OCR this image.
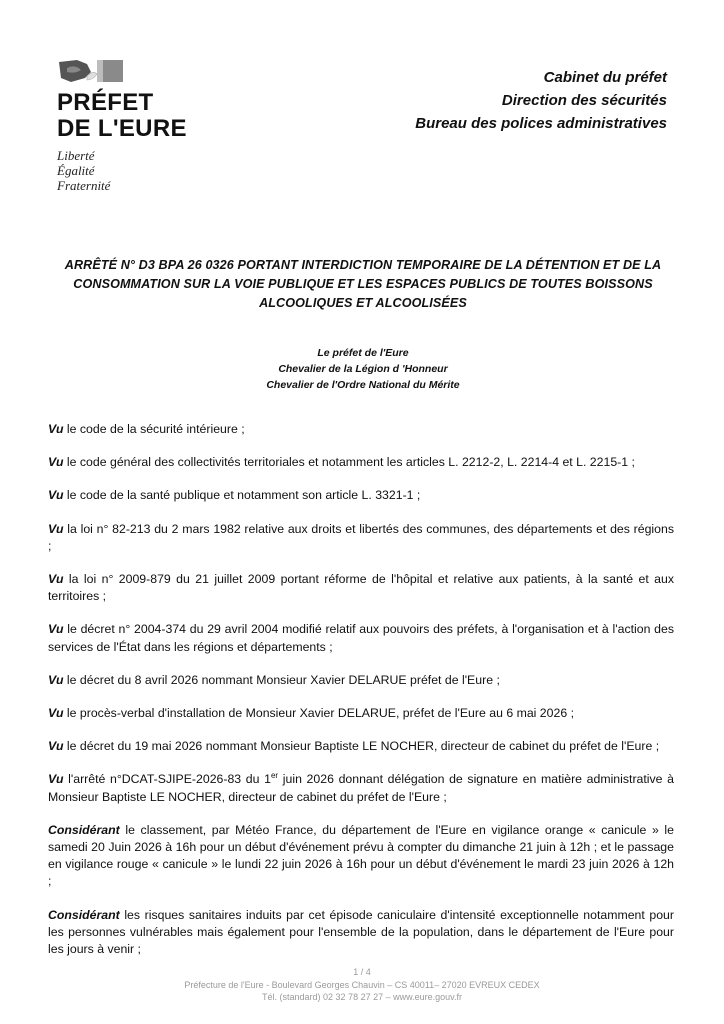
PRÉFET
DE L'EURE
Liberté
Égalité
Fraternité
Cabinet du préfet
Direction des sécurités
Bureau des polices administratives
ARRÊTÉ N° D3 BPA 26 0326 PORTANT INTERDICTION TEMPORAIRE DE LA DÉTENTION ET DE LA CONSOMMATION SUR LA VOIE PUBLIQUE ET LES ESPACES PUBLICS DE TOUTES BOISSONS ALCOOLIQUES ET ALCOOLISÉES
Le préfet de l'Eure
Chevalier de la Légion d 'Honneur
Chevalier de l'Ordre National du Mérite

Vu le code de la sécurité intérieure ;

Vu le code général des collectivités territoriales et notamment les articles L. 2212-2, L. 2214-4 et L. 2215-1 ;

Vu le code de la santé publique et notamment son article L. 3321-1 ;

Vu la loi n° 82-213 du 2 mars 1982 relative aux droits et libertés des communes, des départements et des régions ;

Vu la loi n° 2009-879 du 21 juillet 2009 portant réforme de l'hôpital et relative aux patients, à la santé et aux territoires ;

Vu le décret n° 2004-374 du 29 avril 2004 modifié relatif aux pouvoirs des préfets, à l'organisation et à l'action des services de l'État dans les régions et départements ;

Vu le décret du 8 avril 2026 nommant Monsieur Xavier DELARUE préfet de l'Eure ;

Vu le procès-verbal d'installation de Monsieur Xavier DELARUE, préfet de l'Eure au 6 mai 2026 ;

Vu le décret du 19 mai 2026 nommant Monsieur Baptiste LE NOCHER, directeur de cabinet du préfet de l'Eure ;

Vu l'arrêté n°DCAT-SJIPE-2026-83 du 1er juin 2026 donnant délégation de signature en matière administrative à Monsieur Baptiste LE NOCHER, directeur de cabinet du préfet de l'Eure ;

Considérant le classement, par Météo France, du département de l'Eure en vigilance orange « canicule » le samedi 20 Juin 2026 à 16h pour un début d'événement prévu à compter du dimanche 21 juin à 12h ; et le passage en vigilance rouge « canicule » le lundi 22 juin 2026 à 16h pour un début d'événement le mardi 23 juin 2026 à 12h ;

Considérant les risques sanitaires induits par cet épisode caniculaire d'intensité exceptionnelle notamment pour les personnes vulnérables mais également pour l'ensemble de la population, dans le département de l'Eure pour les jours à venir ;

1 / 4
Préfecture de l'Eure - Boulevard Georges Chauvin – CS 40011– 27020 EVREUX CEDEX
Tél. (standard) 02 32 78 27 27 – www.eure.gouv.fr
